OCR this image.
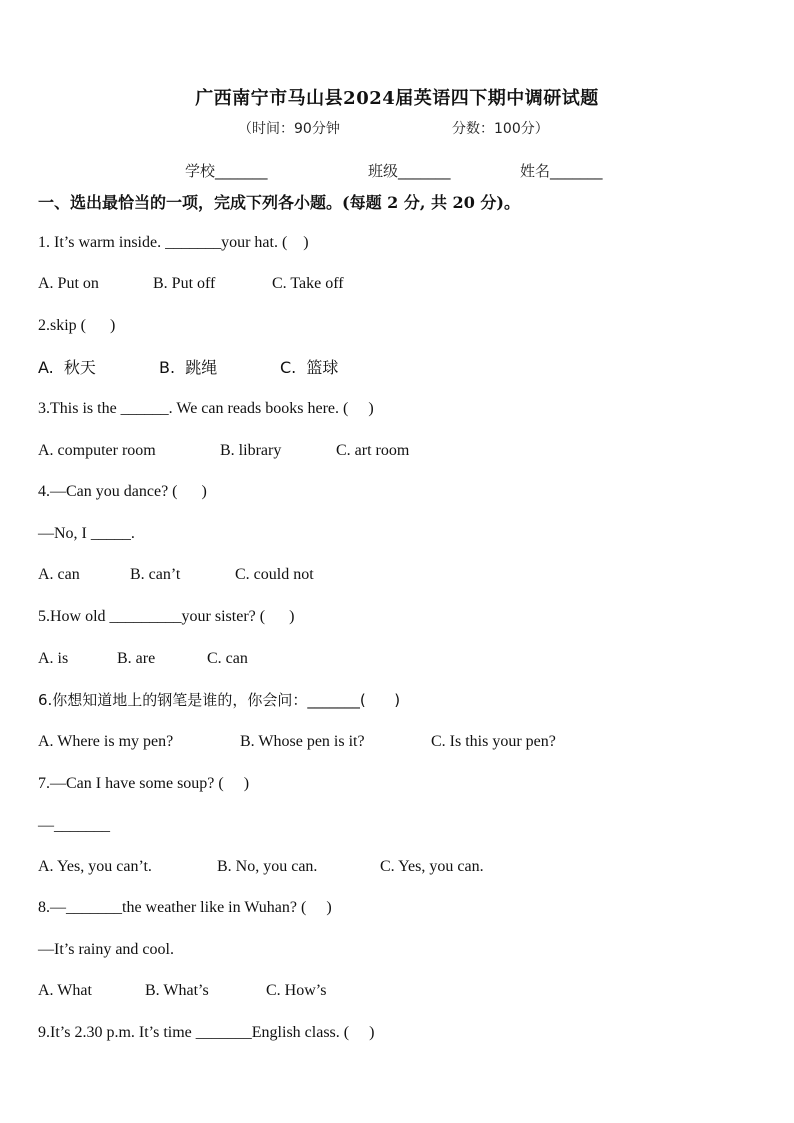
广西南宁市马山县2024届英语四下期中调研试题
（时间：90分钟	分数：100分）
学校_______	班级_______	姓名_______
一、选出最恰当的一项，完成下列各小题。(每题 2 分, 共 20 分)。
1. It’s warm inside. _______your hat. (    )
A. Put on	B. Put off	C. Take off
2.skip (      )
A.  秋天	B.  跳绳	C.  篮球
3.This is the ______. We can reads books here. (     )
A. computer room	B. library	C. art room
4.—Can you dance? (      )
—No, I _____.
A. can	B. can’t	C. could not
5.How old _________your sister? (      )
A. is	B. are	C. can
6.你想知道地上的钢笔是谁的，你会问：_______(      )
A. Where is my pen?	B. Whose pen is it?	C. Is this your pen?
7.—Can I have some soup? (     )
—_______
A. Yes, you can’t.	B. No, you can.	C. Yes, you can.
8.—_______the weather like in Wuhan? (     )
—It’s rainy and cool.
A. What	B. What’s	C. How’s
9.It’s 2.30 p.m. It’s time _______English class. (     )
